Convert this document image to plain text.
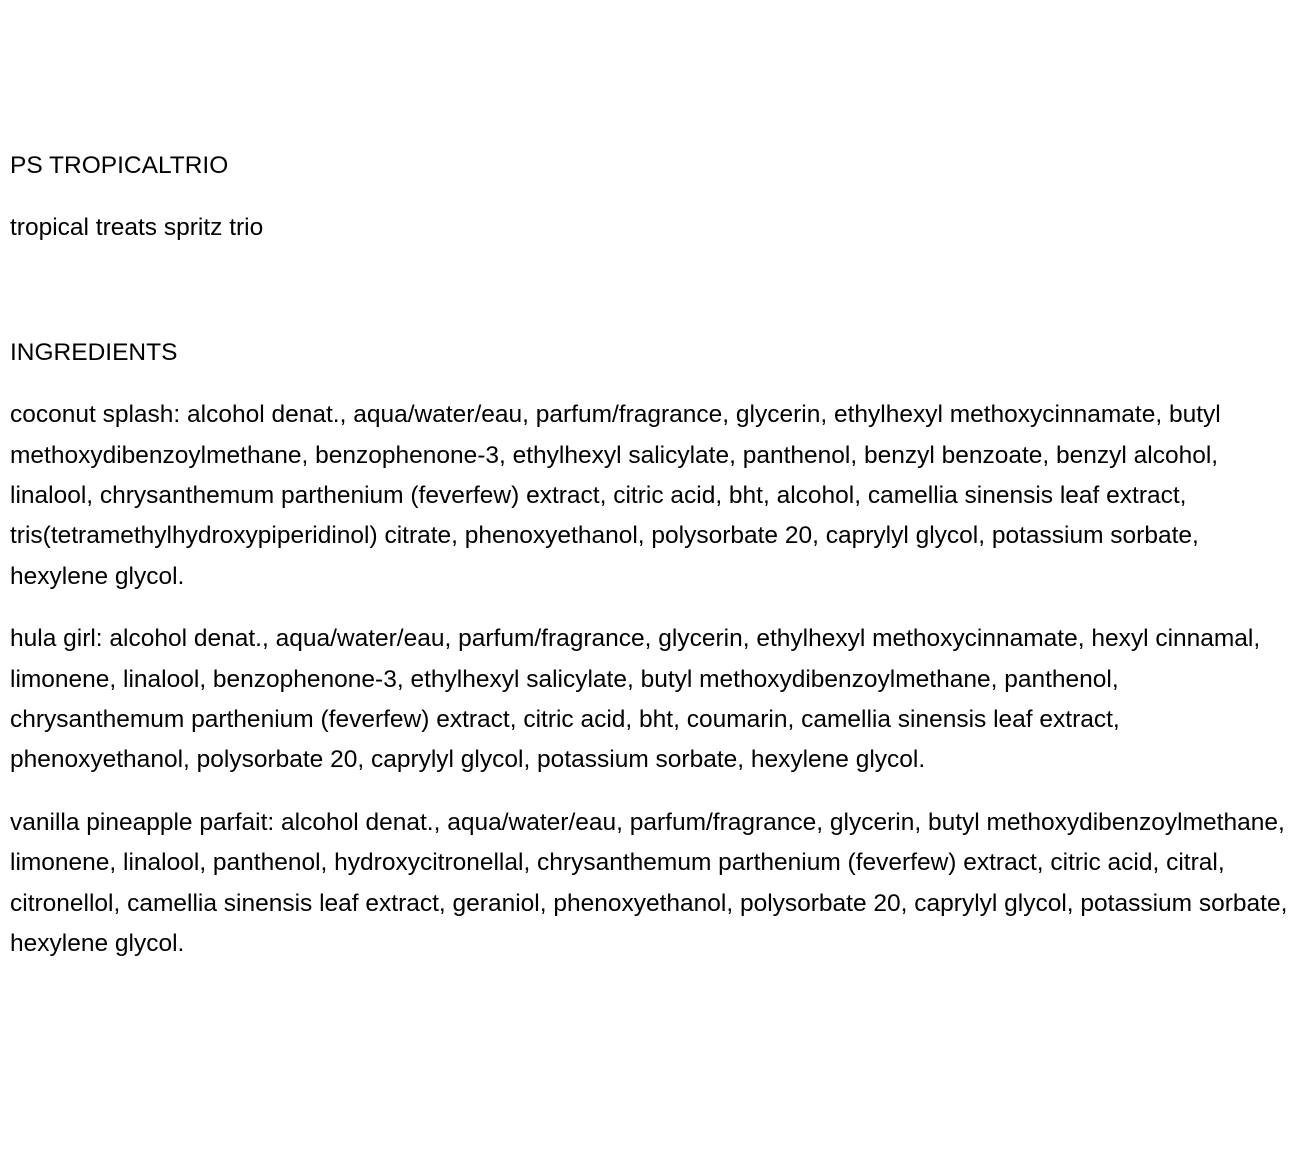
PS TROPICALTRIO

tropical treats spritz trio

INGREDIENTS

coconut splash: alcohol denat., aqua/water/eau, parfum/fragrance, glycerin, ethylhexyl methoxycinnamate, butyl methoxydibenzoylmethane, benzophenone-3, ethylhexyl salicylate, panthenol, benzyl benzoate, benzyl alcohol, linalool, chrysanthemum parthenium (feverfew) extract, citric acid, bht, alcohol, camellia sinensis leaf extract, tris(tetramethylhydroxypiperidinol) citrate, phenoxyethanol, polysorbate 20, caprylyl glycol, potassium sorbate, hexylene glycol.

hula girl: alcohol denat., aqua/water/eau, parfum/fragrance, glycerin, ethylhexyl methoxycinnamate, hexyl cinnamal, limonene, linalool, benzophenone-3, ethylhexyl salicylate, butyl methoxydibenzoylmethane, panthenol, chrysanthemum parthenium (feverfew) extract, citric acid, bht, coumarin, camellia sinensis leaf extract, phenoxyethanol, polysorbate 20, caprylyl glycol, potassium sorbate, hexylene glycol.

vanilla pineapple parfait: alcohol denat., aqua/water/eau, parfum/fragrance, glycerin, butyl methoxydibenzoylmethane, limonene, linalool, panthenol, hydroxycitronellal, chrysanthemum parthenium (feverfew) extract, citric acid, citral, citronellol, camellia sinensis leaf extract, geraniol, phenoxyethanol, polysorbate 20, caprylyl glycol, potassium sorbate, hexylene glycol.
